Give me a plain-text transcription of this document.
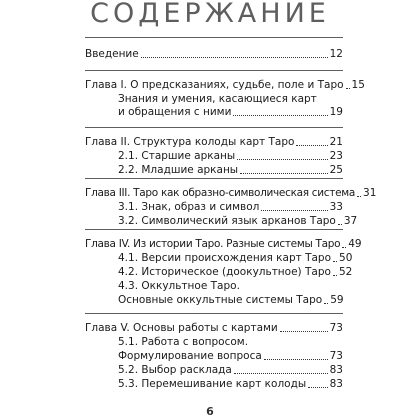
СОДЕРЖАНИЕ
Введение	12
Глава I. О предсказаниях, судьбе, поле и Таро 15
Знания и умения, касающиеся карт
и обращения с ними	19
Глава II. Структура колоды карт Таро	21
2.1. Старшие арканы	23
2.2. Младшие арканы	25
Глава III. Таро как образно-символическая система 31
3.1. Знак, образ и символ	33
3.2. Символический язык арканов Таро 37
Глава IV. Из истории Таро. Разные системы Таро 49
4.1. Версии происхождения карт Таро 50
4.2. Историческое (доокультное) Таро 52
4.3. Оккультное Таро.
Основные оккультные системы Таро 59
Глава V. Основы работы с картами	73
5.1. Работа с вопросом.
Формулирование вопроса	73
5.2. Выбор расклада	83
5.3. Перемешивание карт колоды 83
6
